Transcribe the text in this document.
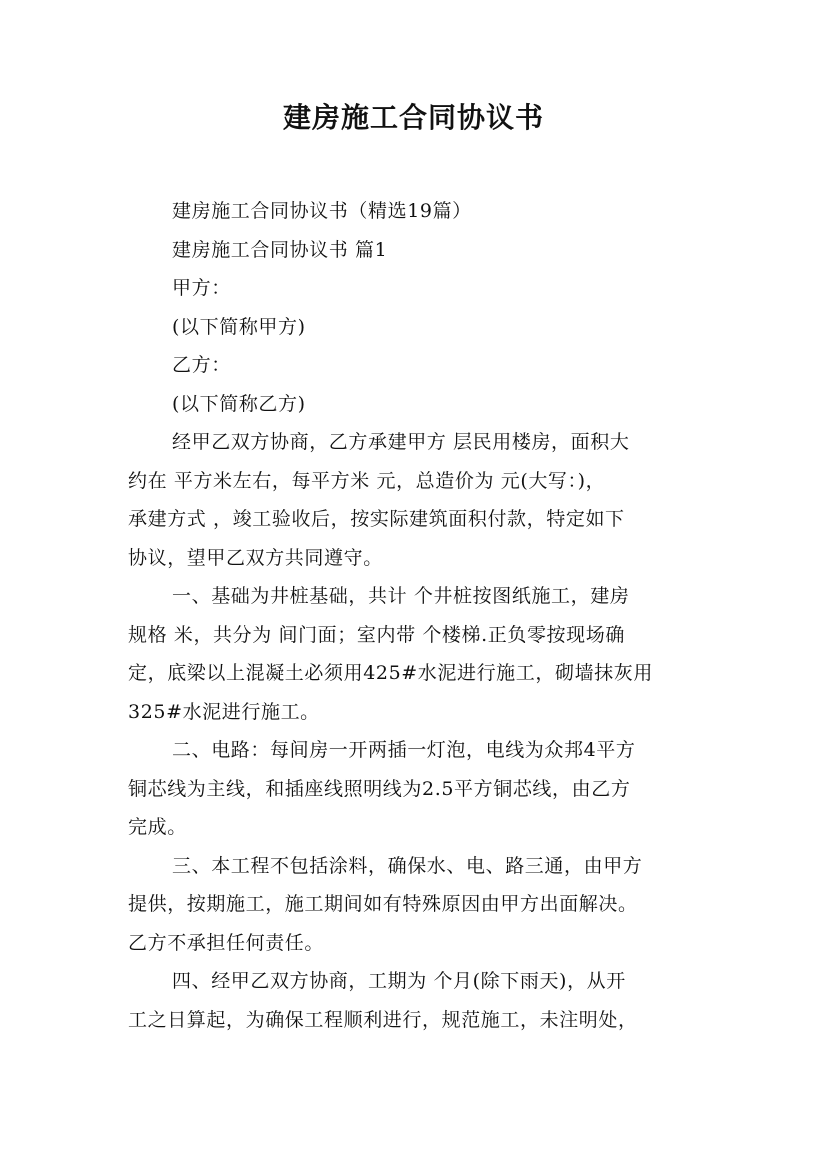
建房施工合同协议书
建房施工合同协议书（精选19篇）
建房施工合同协议书 篇1
甲方：
(以下简称甲方)
乙方：
(以下简称乙方)
经甲乙双方协商，乙方承建甲方 层民用楼房，面积大
约在 平方米左右，每平方米 元，总造价为 元(大写：)，
承建方式 ，竣工验收后，按实际建筑面积付款，特定如下
协议，望甲乙双方共同遵守。
一、基础为井桩基础，共计 个井桩按图纸施工，建房
规格 米，共分为 间门面；室内带 个楼梯.正负零按现场确
定，底梁以上混凝土必须用425#水泥进行施工，砌墙抹灰用
325#水泥进行施工。
二、电路：每间房一开两插一灯泡，电线为众邦4平方
铜芯线为主线，和插座线照明线为2.5平方铜芯线，由乙方
完成。
三、本工程不包括涂料，确保水、电、路三通，由甲方
提供，按期施工，施工期间如有特殊原因由甲方出面解决。
乙方不承担任何责任。
四、经甲乙双方协商，工期为 个月(除下雨天)，从开
工之日算起，为确保工程顺利进行，规范施工，未注明处，
